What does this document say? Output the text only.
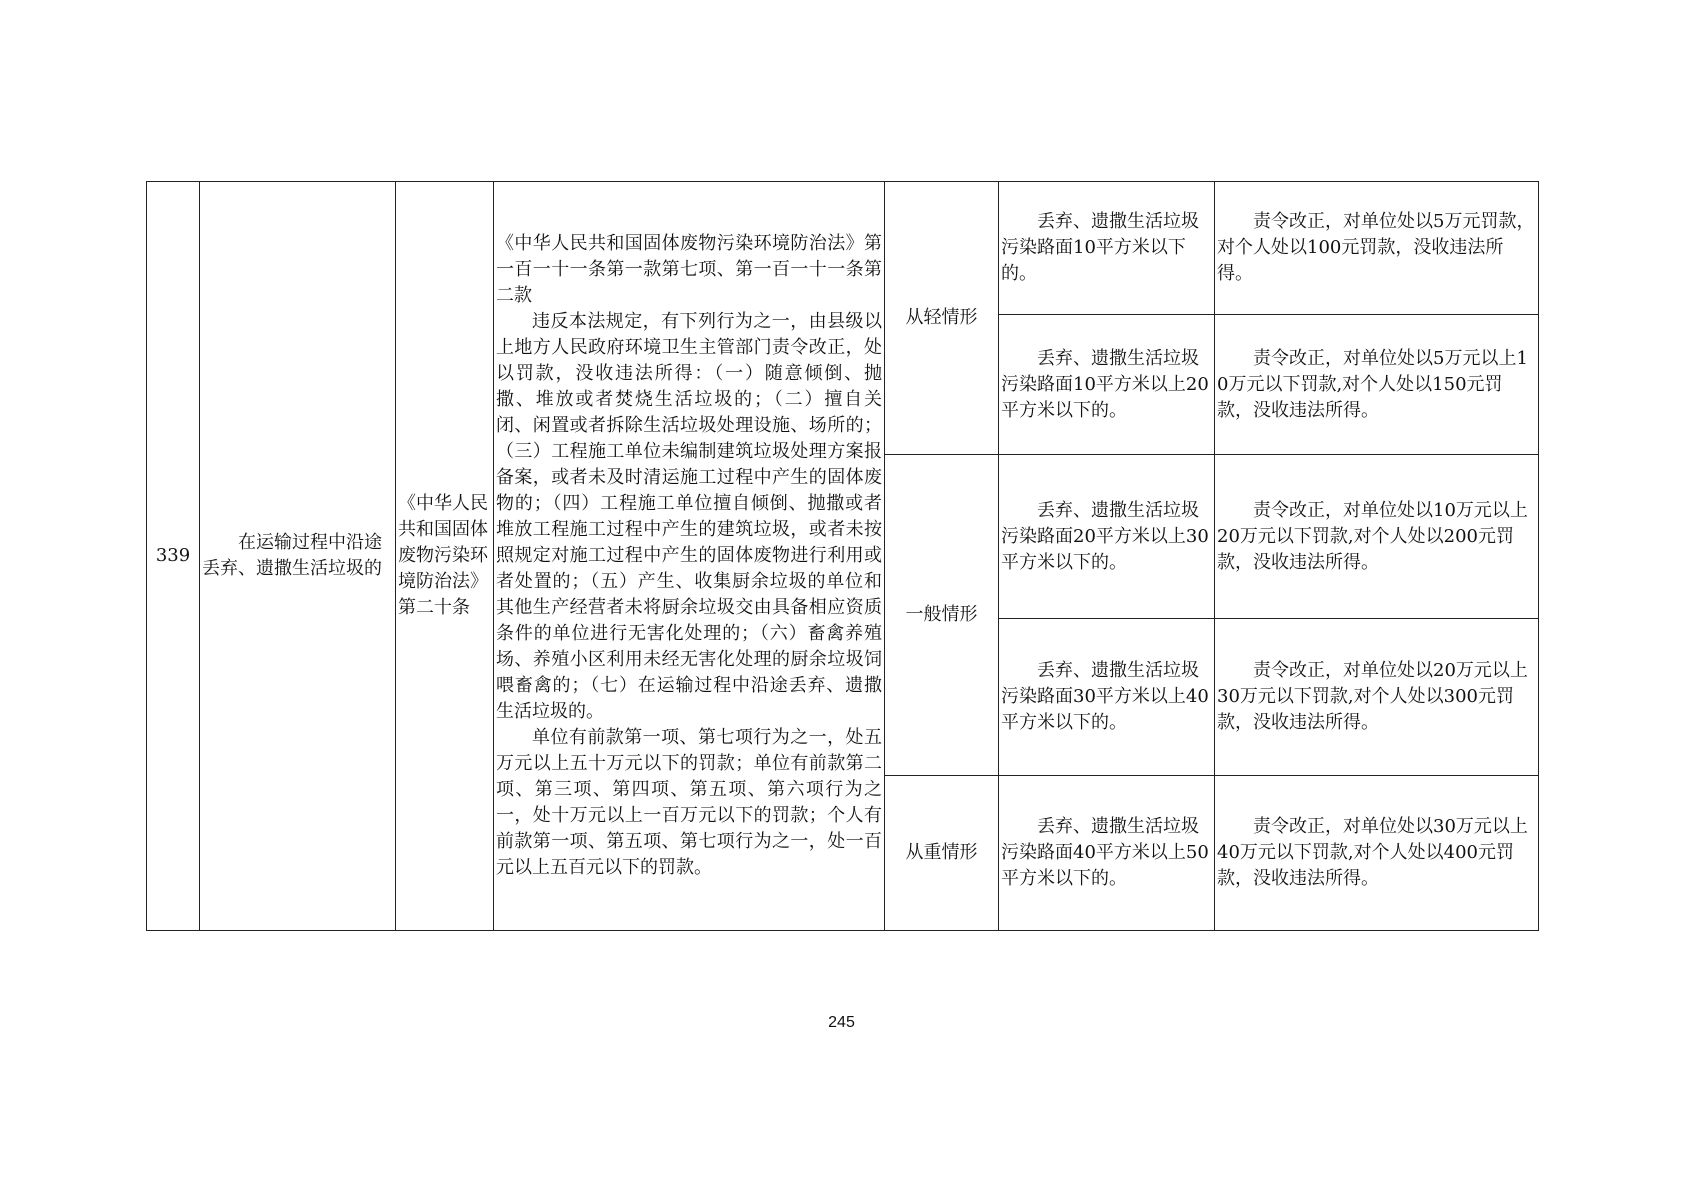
339	在运输过程中沿途丢弃、遗撒生活垃圾的	《中华人民共和国固体废物污染环境防治法》第二十条	《中华人民共和国固体废物污染环境防治法》第一百一十一条第一款第七项、第一百一十一条第二款

违反本法规定，有下列行为之一，由县级以上地方人民政府环境卫生主管部门责令改正，处以罚款，没收违法所得：（一）随意倾倒、抛撒、堆放或者焚烧生活垃圾的；（二）擅自关闭、闲置或者拆除生活垃圾处理设施、场所的；（三）工程施工单位未编制建筑垃圾处理方案报备案，或者未及时清运施工过程中产生的固体废物的；（四）工程施工单位擅自倾倒、抛撒或者堆放工程施工过程中产生的建筑垃圾，或者未按照规定对施工过程中产生的固体废物进行利用或者处置的；（五）产生、收集厨余垃圾的单位和其他生产经营者未将厨余垃圾交由具备相应资质条件的单位进行无害化处理的；（六）畜禽养殖场、养殖小区利用未经无害化处理的厨余垃圾饲喂畜禽的；（七）在运输过程中沿途丢弃、遗撒生活垃圾的。

单位有前款第一项、第七项行为之一，处五万元以上五十万元以下的罚款；单位有前款第二项、第三项、第四项、第五项、第六项行为之一，处十万元以上一百万元以下的罚款；个人有前款第一项、第五项、第七项行为之一，处一百元以上五百元以下的罚款。	从轻情形	丢弃、遗撒生活垃圾污染路面10平方米以下的。	责令改正，对单位处以5万元罚款，对个人处以100元罚款，没收违法所得。
					丢弃、遗撒生活垃圾污染路面10平方米以上20平方米以下的。	责令改正，对单位处以5万元以上10万元以下罚款,对个人处以150元罚款，没收违法所得。
				一般情形	丢弃、遗撒生活垃圾污染路面20平方米以上30平方米以下的。	责令改正，对单位处以10万元以上20万元以下罚款,对个人处以200元罚款，没收违法所得。
					丢弃、遗撒生活垃圾污染路面30平方米以上40平方米以下的。	责令改正，对单位处以20万元以上30万元以下罚款,对个人处以300元罚款，没收违法所得。
				从重情形	丢弃、遗撒生活垃圾污染路面40平方米以上50平方米以下的。	责令改正，对单位处以30万元以上40万元以下罚款,对个人处以400元罚款，没收违法所得。
245
